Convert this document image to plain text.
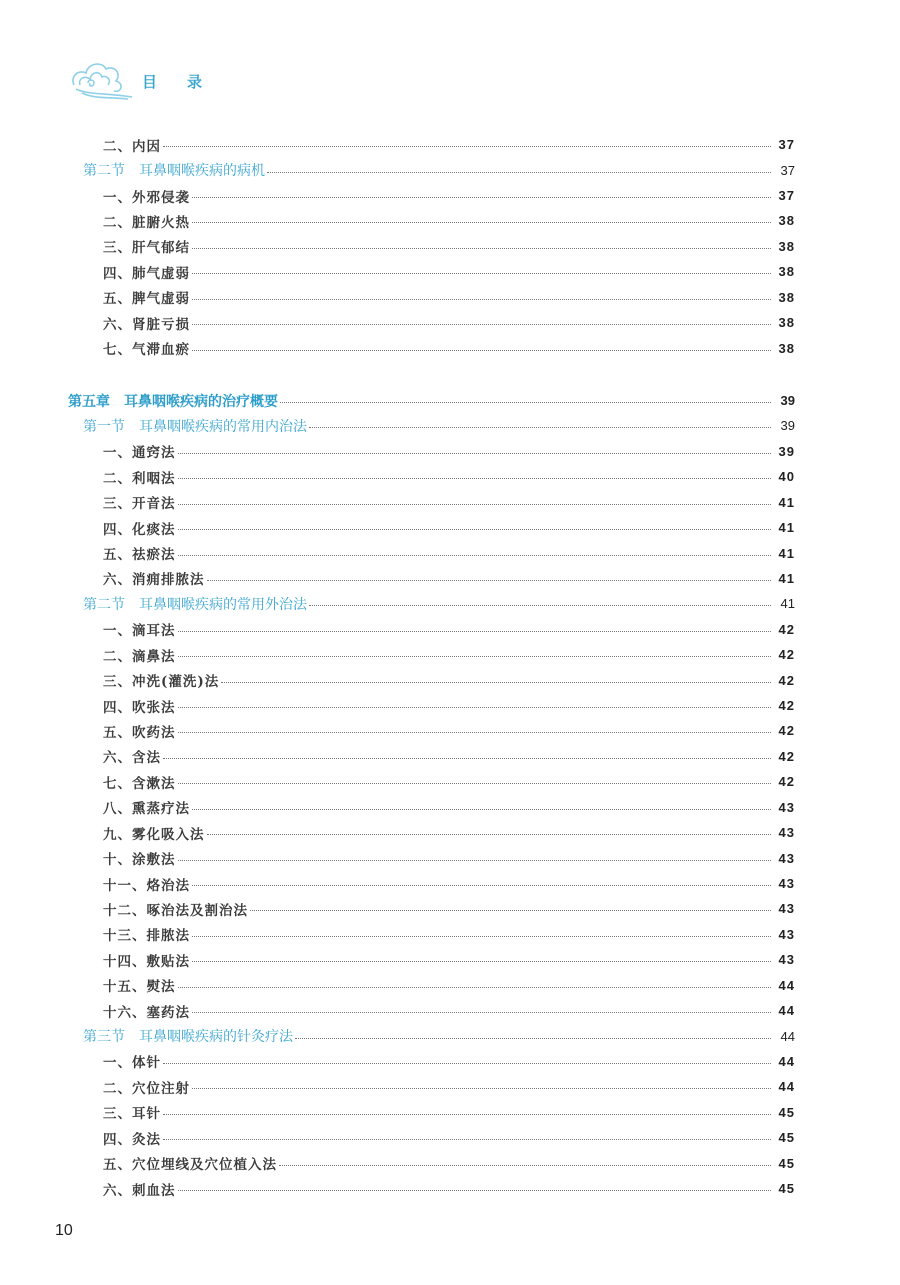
目 录
二、内因	37
第二节　耳鼻咽喉疾病的病机	37
一、外邪侵袭	37
二、脏腑火热	38
三、肝气郁结	38
四、肺气虚弱	38
五、脾气虚弱	38
六、肾脏亏损	38
七、气滞血瘀	38
第五章　耳鼻咽喉疾病的治疗概要	39
第一节　耳鼻咽喉疾病的常用内治法	39
一、通窍法	39
二、利咽法	40
三、开音法	41
四、化痰法	41
五、祛瘀法	41
六、消痈排脓法	41
第二节　耳鼻咽喉疾病的常用外治法	41
一、滴耳法	42
二、滴鼻法	42
三、冲洗(灌洗)法	42
四、吹张法	42
五、吹药法	42
六、含法	42
七、含漱法	42
八、熏蒸疗法	43
九、雾化吸入法	43
十、涂敷法	43
十一、烙治法	43
十二、啄治法及割治法	43
十三、排脓法	43
十四、敷贴法	43
十五、熨法	44
十六、塞药法	44
第三节　耳鼻咽喉疾病的针灸疗法	44
一、体针	44
二、穴位注射	44
三、耳针	45
四、灸法	45
五、穴位埋线及穴位植入法	45
六、刺血法	45
10
